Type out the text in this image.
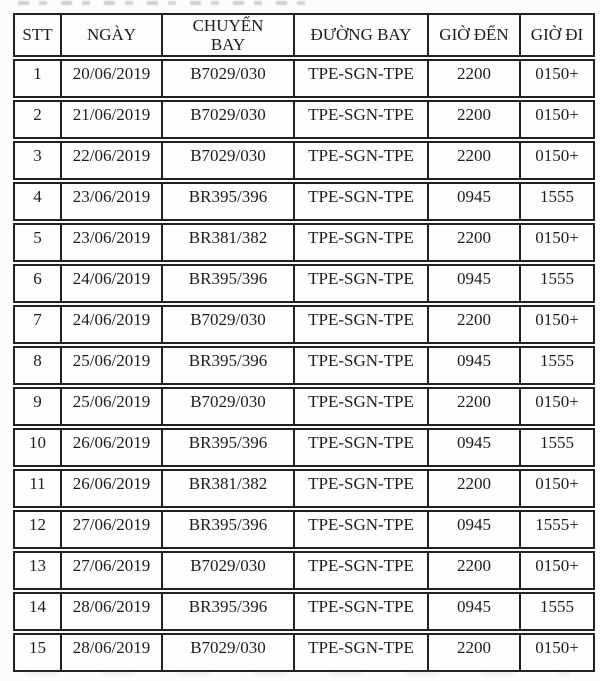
STT	NGÀY	CHUYẾN BAY	ĐƯỜNG BAY	GIỜ ĐẾN	GIỜ ĐI
1	20/06/2019	B7029/030	TPE-SGN-TPE	2200	0150+
2	21/06/2019	B7029/030	TPE-SGN-TPE	2200	0150+
3	22/06/2019	B7029/030	TPE-SGN-TPE	2200	0150+
4	23/06/2019	BR395/396	TPE-SGN-TPE	0945	1555
5	23/06/2019	BR381/382	TPE-SGN-TPE	2200	0150+
6	24/06/2019	BR395/396	TPE-SGN-TPE	0945	1555
7	24/06/2019	B7029/030	TPE-SGN-TPE	2200	0150+
8	25/06/2019	BR395/396	TPE-SGN-TPE	0945	1555
9	25/06/2019	B7029/030	TPE-SGN-TPE	2200	0150+
10	26/06/2019	BR395/396	TPE-SGN-TPE	0945	1555
11	26/06/2019	BR381/382	TPE-SGN-TPE	2200	0150+
12	27/06/2019	BR395/396	TPE-SGN-TPE	0945	1555+
13	27/06/2019	B7029/030	TPE-SGN-TPE	2200	0150+
14	28/06/2019	BR395/396	TPE-SGN-TPE	0945	1555
15	28/06/2019	B7029/030	TPE-SGN-TPE	2200	0150+
